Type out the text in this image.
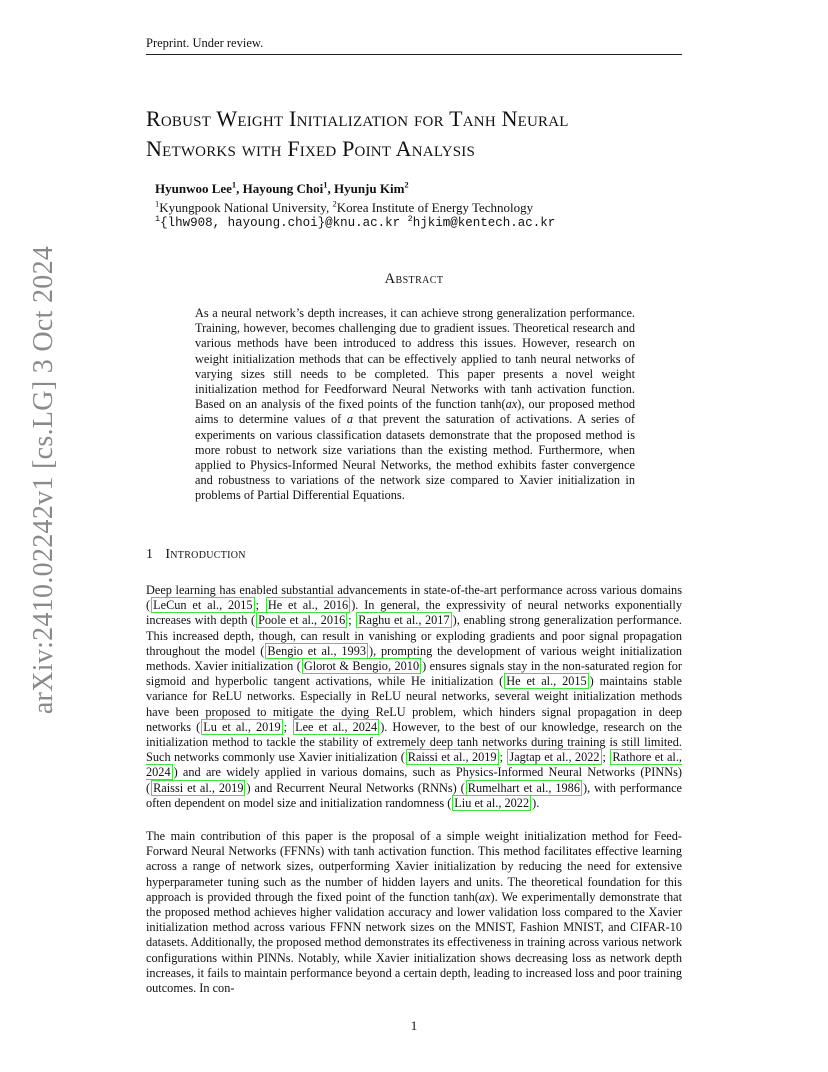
Preprint. Under review.
Robust Weight Initialization for Tanh Neural
Networks with Fixed Point Analysis
Hyunwoo Lee$^1$, Hayoung Choi$^1$, Hyunju Kim$^2$
$^1$Kyungpook National University, $^2$Korea Institute of Energy Technology
$^1${lhw908, hayoung.choi}@knu.ac.kr $^2$hjkim@kentech.ac.kr
Abstract
As a neural network’s depth increases, it can achieve strong generalization performance. Training, however, becomes challenging due to gradient issues. Theoretical research and various methods have been introduced to address this issues. However, research on weight initialization methods that can be effectively applied to tanh neural networks of varying sizes still needs to be completed. This paper presents a novel weight initialization method for Feedforward Neural Networks with tanh activation function. Based on an analysis of the fixed points of the function tanh(ax), our proposed method aims to determine values of a that prevent the saturation of activations. A series of experiments on various classification datasets demonstrate that the proposed method is more robust to network size variations than the existing method. Furthermore, when applied to Physics-Informed Neural Networks, the method exhibits faster convergence and robustness to variations of the network size compared to Xavier initialization in problems of Partial Differential Equations.
1 Introduction
Deep learning has enabled substantial advancements in state-of-the-art performance across various domains ( LeCun et al., 2015 ; He et al., 2016 ). In general, the expressivity of neural networks exponentially increases with depth ( Poole et al., 2016 ; Raghu et al., 2017 ), enabling strong generalization performance. This increased depth, though, can result in vanishing or exploding gradients and poor signal propagation throughout the model ( Bengio et al., 1993 ), prompting the development of various weight initialization methods. Xavier initialization ( Glorot & Bengio, 2010 ) ensures signals stay in the non-saturated region for sigmoid and hyperbolic tangent activations, while He initialization ( He et al., 2015 ) maintains stable variance for ReLU networks. Especially in ReLU neural networks, several weight initialization methods have been proposed to mitigate the dying ReLU problem, which hinders signal propagation in deep networks ( Lu et al., 2019 ; Lee et al., 2024 ). However, to the best of our knowledge, research on the initialization method to tackle the stability of extremely deep tanh networks during training is still limited. Such networks commonly use Xavier initialization ( Raissi et al., 2019 ; Jagtap et al., 2022 ; Rathore et al., 2024 ) and are widely applied in various domains, such as Physics-Informed Neural Networks (PINNs) ( Raissi et al., 2019 ) and Recurrent Neural Networks (RNNs) ( Rumelhart et al., 1986 ), with performance often dependent on model size and initialization randomness ( Liu et al., 2022 ).
The main contribution of this paper is the proposal of a simple weight initialization method for Feed-Forward Neural Networks (FFNNs) with tanh activation function. This method facilitates effective learning across a range of network sizes, outperforming Xavier initialization by reducing the need for extensive hyperparameter tuning such as the number of hidden layers and units. The theoretical foundation for this approach is provided through the fixed point of the function tanh(ax). We experimentally demonstrate that the proposed method achieves higher validation accuracy and lower validation loss compared to the Xavier initialization method across various FFNN network sizes on the MNIST, Fashion MNIST, and CIFAR-10 datasets. Additionally, the proposed method demonstrates its effectiveness in training across various network configurations within PINNs. Notably, while Xavier initialization shows decreasing loss as network depth increases, it fails to maintain performance beyond a certain depth, leading to increased loss and poor training outcomes. In con-
arXiv:2410.02242v1 [cs.LG] 3 Oct 2024
1
